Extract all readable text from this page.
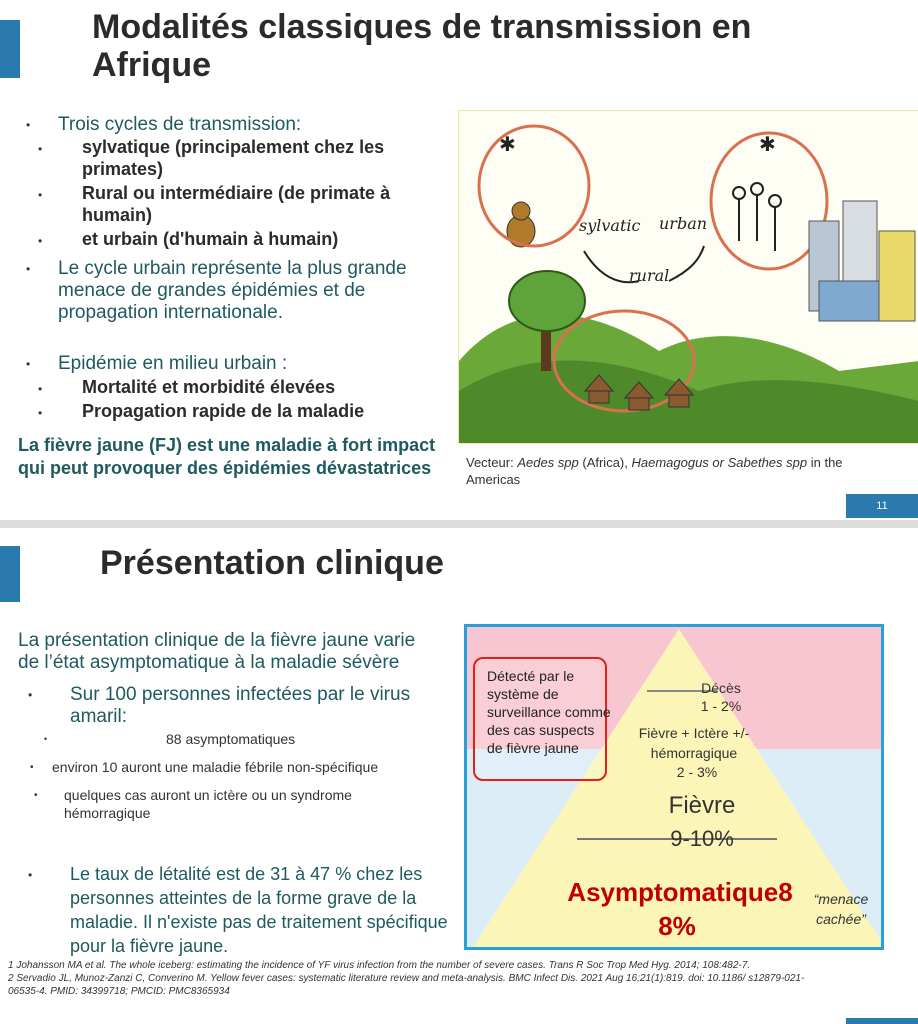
Modalités classiques de transmission en Afrique
• Trois cycles de transmission:
• sylvatique (principalement chez les primates)
• Rural ou intermédiaire (de primate à humain)
• et urbain (d'humain à humain)
• Le cycle urbain représente la plus grande menace de grandes épidémies et de propagation internationale.
• Epidémie en milieu urbain :
• Mortalité et morbidité élevées
• Propagation rapide de la maladie
La fièvre jaune (FJ) est une maladie à fort impact qui peut provoquer des épidémies dévastatrices
✱	✱
sylvatic urban
rural
Vecteur: Aedes spp (Africa), Haemagogus or Sabethes spp in the Americas
11
Présentation clinique
La présentation clinique de la fièvre jaune varie de l’état asymptomatique à la maladie sévère
• Sur 100 personnes infectées par le virus amaril:
•	88 asymptomatiques
• environ 10 auront une maladie fébrile non-spécifique
• quelques cas auront un ictère ou un syndrome hémorragique
• Le taux de létalité est de 31 à 47 % chez les personnes atteintes de la forme grave de la maladie. Il n'existe pas de traitement spécifique pour la fièvre jaune.
Décès
1 - 2%
Fièvre + Ictère +/- hémorragique
2 - 3%
Fièvre
9-10%
Asymptomatique8
8%
“menace cachée”
Détecté par le système de surveillance comme des cas suspects de fièvre jaune
1 Johansson MA et al. The whole iceberg: estimating the incidence of YF virus infection from the number of severe cases. Trans R Soc Trop Med Hyg. 2014; 108:482-7.
2 Servadio JL, Munoz-Zanzi C, Converino M. Yellow fever cases: systematic literature review and meta-analysis. BMC Infect Dis. 2021 Aug 16;21(1):819. doi: 10.1186/ s12879-021-06535-4. PMID: 34399718; PMCID: PMC8365934
